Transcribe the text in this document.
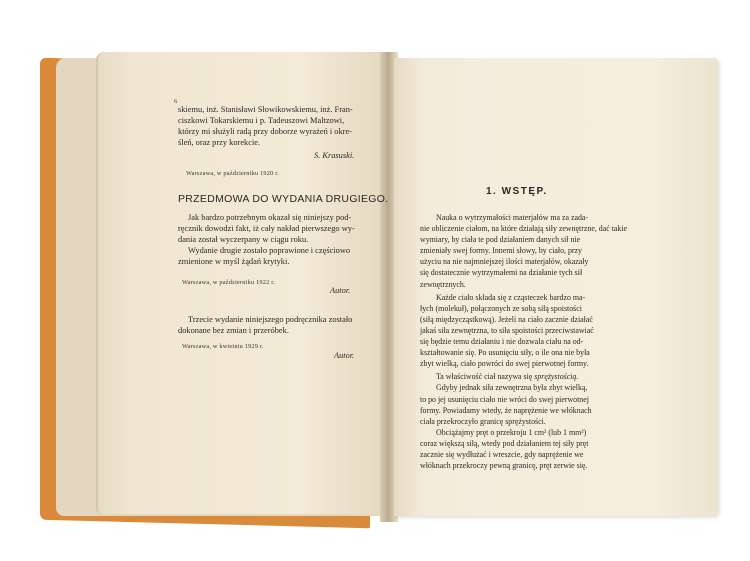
6
skiemu, inż. Stanisławi Słowikowskiemu, inż. Fran-
ciszkowi Tokarskiemu i p. Tadeuszowi Maltzowi,
którzy mi służyli radą przy doborze wyrażeń i okre-
śleń, oraz przy korekcie.
S. Krasuski.
Warszawa, w październiku 1920 r.
PRZEDMOWA DO WYDANIA DRUGIEGO.
Jak bardzo potrzebnym okazał się niniejszy pod-
ręcznik dowodzi fakt, iż cały nakład pierwszego wy-
dania został wyczerpany w ciągu roku.
Wydanie drugie zostało poprawione i częściowo
zmienione w myśl żądań krytyki.
Warszawa, w październiku 1922 r.
Autor.
Trzecie wydanie niniejszego podręcznika zostało
dokonane bez zmian i przeróbek.
Warszawa, w kwietniu 1929 r.
Autor.
1. WSTĘP.
Nauka o wytrzymałości materjałów ma za zada-
nie obliczenie ciałom, na które działają siły zewnętrzne, dać takie
wymiary, by ciała te pod działaniem danych sił nie
zmieniały swej formy. Innemi słowy, by ciało, przy
użyciu na nie najmniejszej ilości materjałów, okazały
się dostatecznie wytrzymałemi na działanie tych sił
zewnętrznych.
Każde ciało składa się z cząsteczek bardzo ma-
łych (molekuł), połączonych ze sobą siłą spoistości
(siłą międzycząstkową). Jeżeli na ciało zacznie działać
jakaś siła zewnętrzna, to siła spoistości przeciwstawiać
się będzie temu działaniu i nie dozwala ciału na od-
kształtowanie się. Po usunięciu siły, o ile ona nie była
zbyt wielką, ciało powróci do swej pierwotnej formy.
Ta właściwość ciał nazywa się sprężystością.
Gdyby jednak siła zewnętrzna była zbyt wielką,
to po jej usunięciu ciało nie wróci do swej pierwotnej
formy. Powiadamy wtedy, że naprężenie we włóknach
ciała przekroczyło granicę sprężystości.
Obciążajmy pręt o przekroju 1 cm² (lub 1 mm²)
coraz większą siłą, wtedy pod działaniem tej siły pręt
zacznie się wydłużać i wreszcie, gdy naprężenie we
włóknach przekroczy pewną granicę, pręt zerwie się.
